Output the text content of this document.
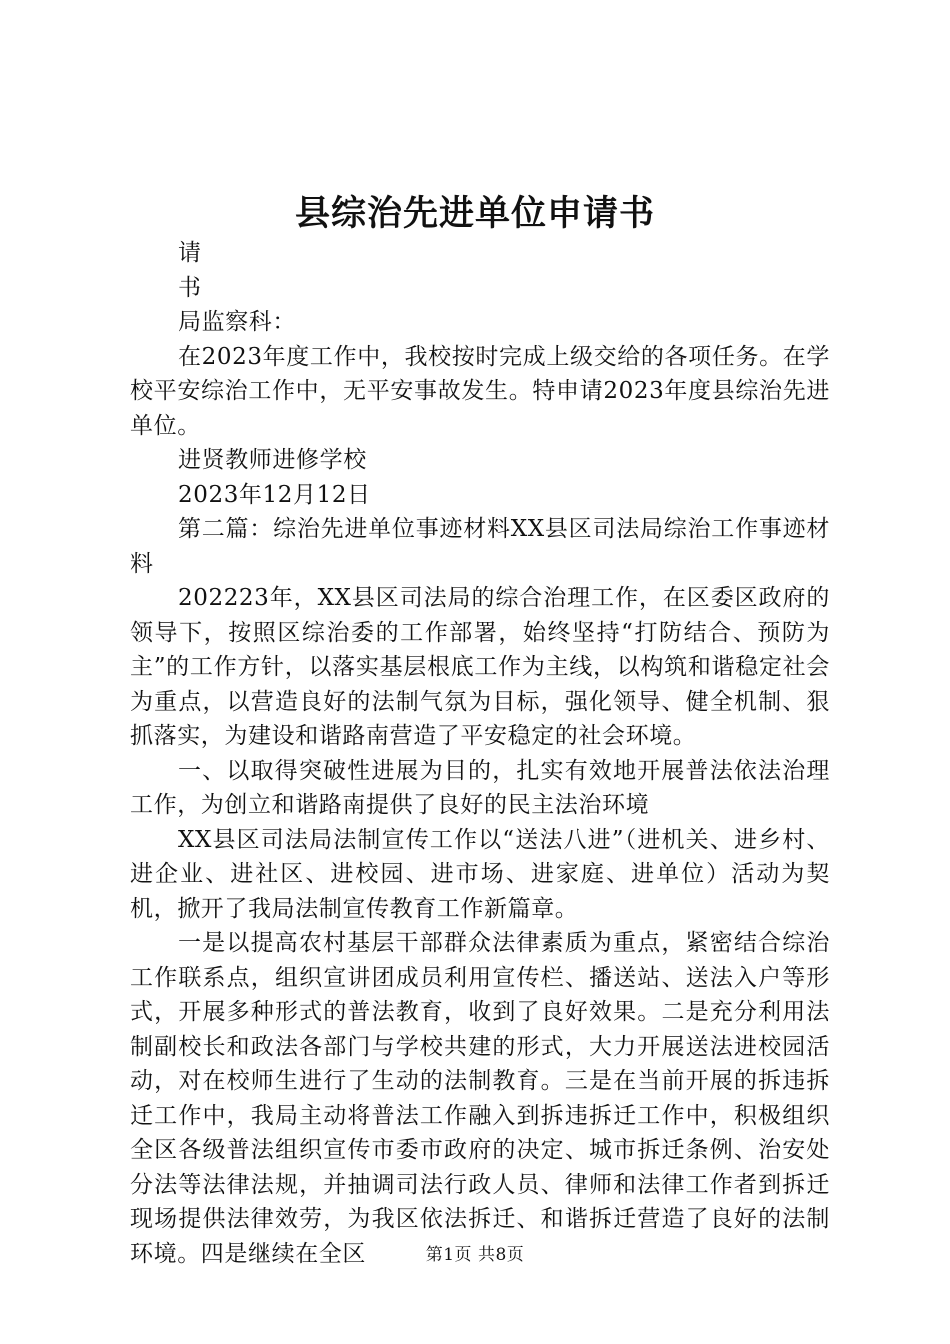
县综治先进单位申请书

请

书

局监察科：

在2023年度工作中，我校按时完成上级交给的各项任务。在学校平安综治工作中，无平安事故发生。特申请2023年度县综治先进单位。

进贤教师进修学校

2023年12月12日

第二篇：综治先进单位事迹材料XX县区司法局综治工作事迹材料

202223年，XX县区司法局的综合治理工作，在区委区政府的领导下，按照区综治委的工作部署，始终坚持“打防结合、预防为主”的工作方针，以落实基层根底工作为主线，以构筑和谐稳定社会为重点，以营造良好的法制气氛为目标，强化领导、健全机制、狠抓落实，为建设和谐路南营造了平安稳定的社会环境。

一、以取得突破性进展为目的，扎实有效地开展普法依法治理工作，为创立和谐路南提供了良好的民主法治环境

XX县区司法局法制宣传工作以“送法八进”（进机关、进乡村、进企业、进社区、进校园、进市场、进家庭、进单位）活动为契机，掀开了我局法制宣传教育工作新篇章。

一是以提高农村基层干部群众法律素质为重点，紧密结合综治工作联系点，组织宣讲团成员利用宣传栏、播送站、送法入户等形式，开展多种形式的普法教育，收到了良好效果。二是充分利用法制副校长和政法各部门与学校共建的形式，大力开展送法进校园活动，对在校师生进行了生动的法制教育。三是在当前开展的拆违拆迁工作中，我局主动将普法工作融入到拆违拆迁工作中，积极组织全区各级普法组织宣传市委市政府的决定、城市拆迁条例、治安处分法等法律法规，并抽调司法行政人员、律师和法律工作者到拆迁现场提供法律效劳，为我区依法拆迁、和谐拆迁营造了良好的法制环境。四是继续在全区	第1页 共8页
